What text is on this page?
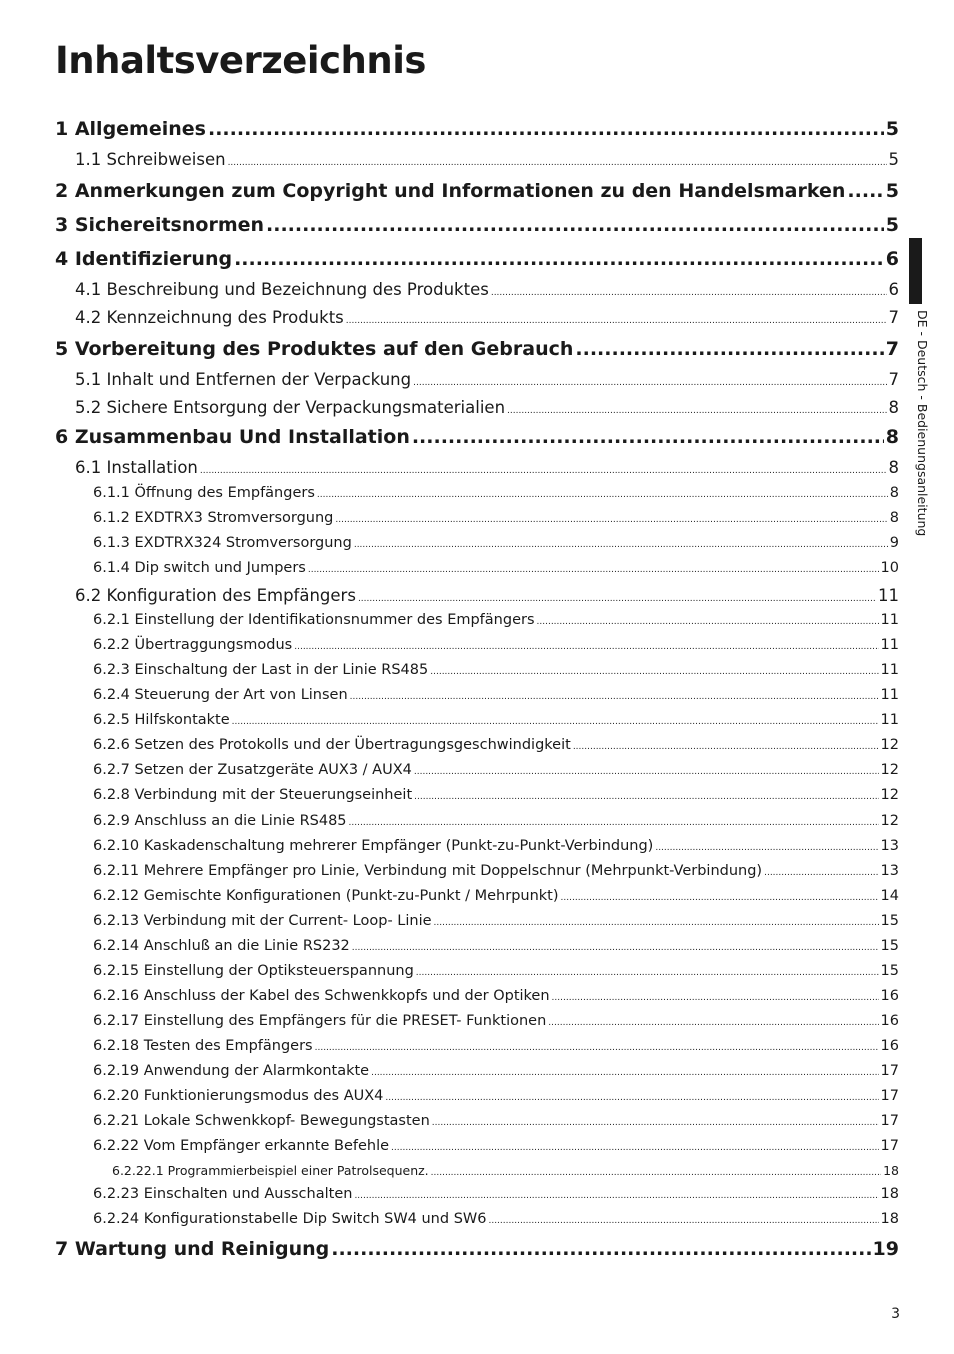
Inhaltsverzeichnis
1 Allgemeines .....	5
1.1 Schreibweisen .....	5
2 Anmerkungen zum Copyright und Informationen zu den Handelsmarken ..... 5
3 Sichereitsnormen .....	5
4 Identifizierung .....	6
4.1 Beschreibung und Bezeichnung des Produktes .....	6
4.2 Kennzeichnung des Produkts .....	7
5 Vorbereitung des Produktes auf den Gebrauch .....	7
5.1 Inhalt und Entfernen der Verpackung .....	7
5.2 Sichere Entsorgung der Verpackungsmaterialien .....	8
6 Zusammenbau Und Installation .....	8
6.1 Installation .....	8
6.1.1 Öffnung des Empfängers .....	8
6.1.2 EXDTRX3 Stromversorgung .....	8
6.1.3 EXDTRX324 Stromversorgung .....	9
6.1.4 Dip switch und Jumpers .....	10
6.2 Konfiguration des Empfängers .....	11
6.2.1 Einstellung der Identifikationsnummer des Empfängers .....	11
6.2.2 Übertraggungsmodus .....	11
6.2.3 Einschaltung der Last in der Linie RS485 .....	11
6.2.4 Steuerung der Art von Linsen .....	11
6.2.5 Hilfskontakte .....	11
6.2.6 Setzen des Protokolls und der Übertragungsgeschwindigkeit .....	12
6.2.7 Setzen der Zusatzgeräte AUX3 / AUX4 .....	12
6.2.8 Verbindung mit der Steuerungseinheit .....	12
6.2.9 Anschluss an die Linie RS485 .....	12
6.2.10 Kaskadenschaltung mehrerer Empfänger (Punkt-zu-Punkt-Verbindung) .....	13
6.2.11 Mehrere Empfänger pro Linie, Verbindung mit Doppelschnur (Mehrpunkt-Verbindung) .....	13
6.2.12 Gemischte Konfigurationen (Punkt-zu-Punkt / Mehrpunkt) .....	14
6.2.13 Verbindung mit der Current- Loop- Linie .....	15
6.2.14 Anschluß an die Linie RS232 .....	15
6.2.15 Einstellung der Optiksteuerspannung .....	15
6.2.16 Anschluss der Kabel des Schwenkkopfs und der Optiken .....	16
6.2.17 Einstellung des Empfängers für die PRESET- Funktionen .....	16
6.2.18 Testen des Empfängers .....	16
6.2.19 Anwendung der Alarmkontakte .....	17
6.2.20 Funktionierungsmodus des AUX4 .....	17
6.2.21 Lokale Schwenkkopf- Bewegungstasten .....	17
6.2.22 Vom Empfänger erkannte Befehle .....	17
6.2.22.1 Programmierbeispiel einer Patrolsequenz. .....	18
6.2.23 Einschalten und Ausschalten .....	18
6.2.24 Konfigurationstabelle Dip Switch SW4 und SW6 .....	18
7 Wartung und Reinigung .....	19
DE - Deutsch - Bedienungsanleitung
3
